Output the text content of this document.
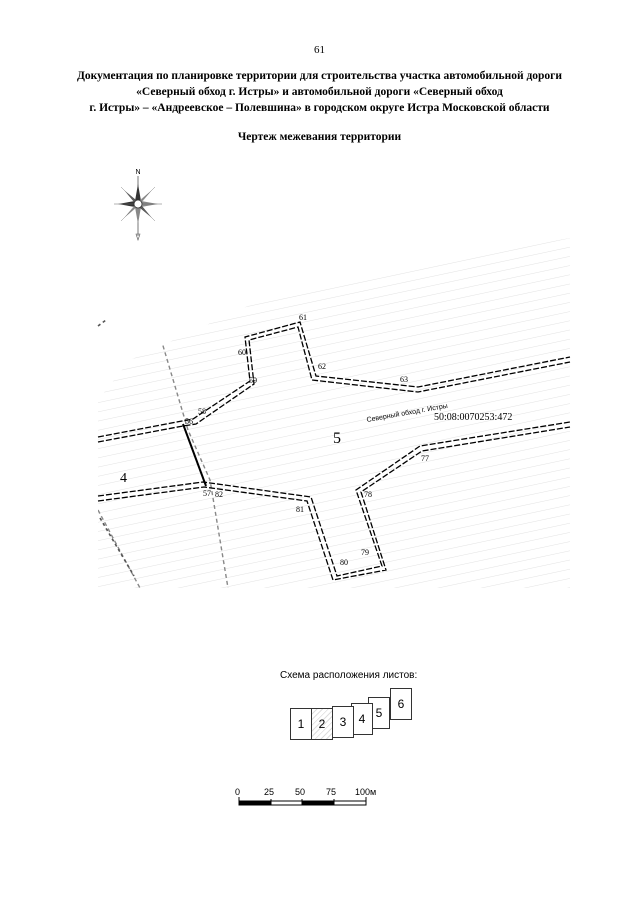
61
Документация по планировке территории для строительства участка автомобильной дороги
«Северный обход г. Истры» и автомобильной дороги «Северный обход
г. Истры» – «Андреевское – Полевшина» в городском округе Истра Московской области
Чертеж межевания территории
N
4
5
Северный обход г. Истры
50:08:0070253:472
56
57
58
59
60
61
62
63
77
78
79
80
81
82
Схема расположения листов:
6
5
4
3
2
1
0	25 50 75 100м
